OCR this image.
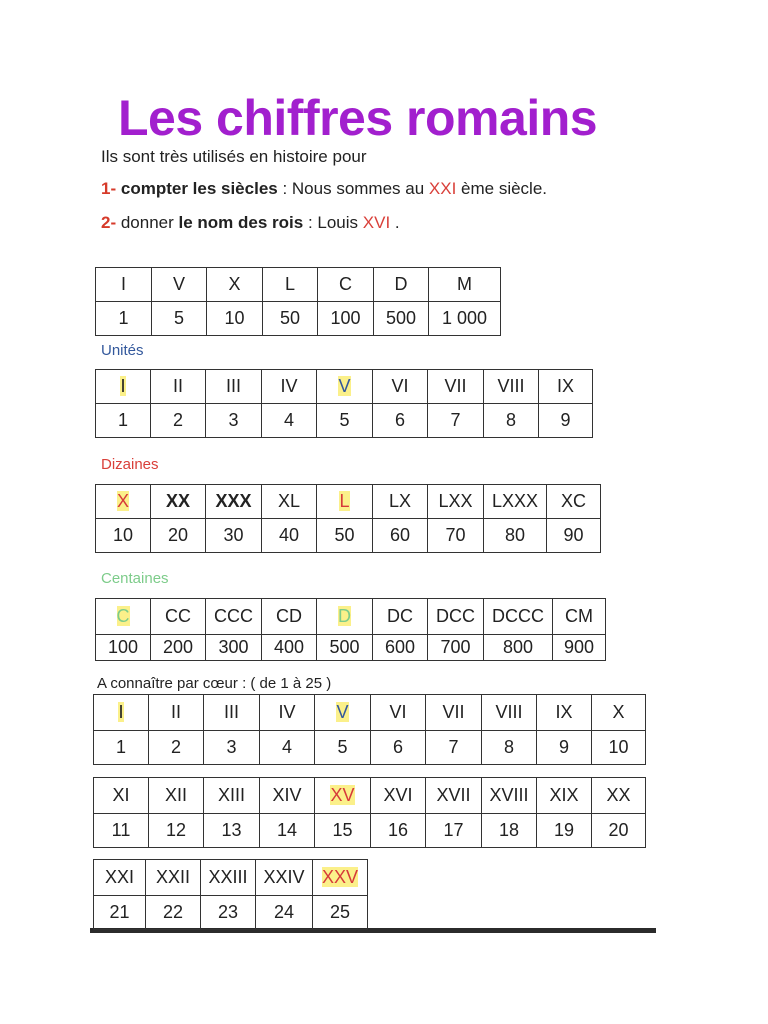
Les chiffres romains
Ils sont très utilisés en histoire pour
1- compter les siècles : Nous sommes au XXI ème siècle.
2- donner le nom des rois : Louis XVI .
I	V	X	L	C	D	M
1	5	10	50	100	500	1 000
Unités
I	II	III	IV	V	VI	VII	VIII	IX
1	2	3	4	5	6	7	8	9
Dizaines
X	XX	XXX	XL	L	LX	LXX	LXXX	XC
10	20	30	40	50	60	70	80	90
Centaines
C	CC	CCC	CD	D	DC	DCC	DCCC	CM
100	200	300	400	500	600	700	800	900
A connaître par cœur : ( de 1 à 25 )
I	II	III	IV	V	VI	VII	VIII	IX	X
1	2	3	4	5	6	7	8	9	10
XI	XII	XIII	XIV	XV	XVI	XVII	XVIII	XIX	XX
11	12	13	14	15	16	17	18	19	20
XXI	XXII	XXIII	XXIV	XXV
21	22	23	24	25
